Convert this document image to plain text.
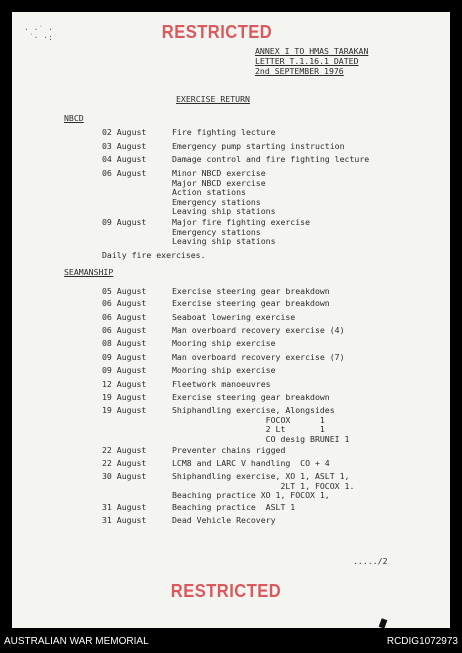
· ·˙ ·
˙· ·:	RESTRICTED
ANNEX I TO HMAS TARAKAN
LETTER T.1.16.1 DATED
2nd SEPTEMBER 1976
EXERCISE RETURN
NBCD
02 August	Fire fighting lecture
03 August	Emergency pump starting instruction
04 August	Damage control and fire fighting lecture
06 August	Minor NBCD exercise
Major NBCD exercise
Action stations
Emergency stations
Leaving ship stations
09 August	Major fire fighting exercise
Emergency stations
Leaving ship stations
Daily fire exercises.
SEAMANSHIP
05 August	Exercise steering gear breakdown
06 August	Exercise steering gear breakdown
06 August	Seaboat lowering exercise
06 August	Man overboard recovery exercise (4)
08 August	Mooring ship exercise
09 August	Man overboard recovery exercise (7)
09 August	Mooring ship exercise
12 August	Fleetwork manoeuvres
19 August	Exercise steering gear breakdown
19 August	Shiphandling exercise, Alongsides
FOCOX      1
2 Lt       1
CO desig BRUNEI 1
22 August	Preventer chains rigged
22 August	LCM8 and LARC V handling  CO + 4
30 August	Shiphandling exercise, XO 1, ASLT 1,
2LT 1, FOCOX 1.
Beaching practice XO 1, FOCOX 1,
31 August	Beaching practice  ASLT 1
31 August	Dead Vehicle Recovery
...../2
RESTRICTED
AUSTRALIAN WAR MEMORIAL	RCDIG1072973
